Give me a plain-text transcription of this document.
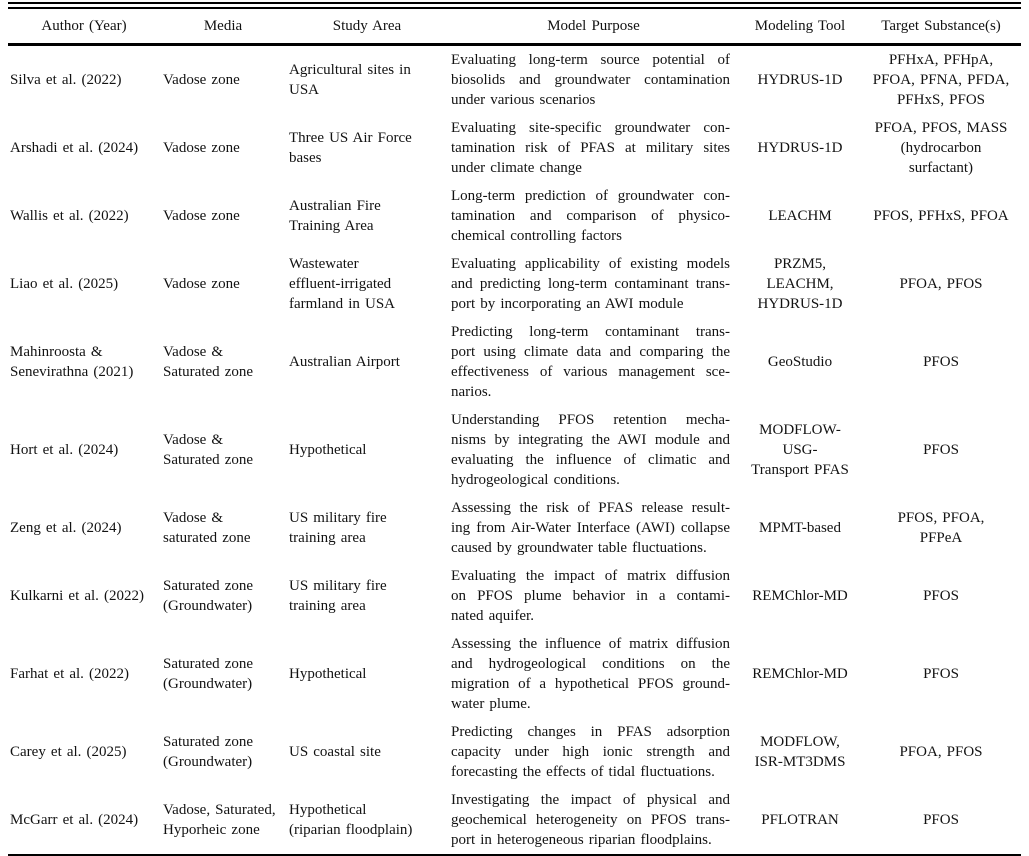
Author (Year)	Media	Study Area	Model Purpose	Modeling Tool	Target Substance(s)

Silva et al. (2022)	Vadose zone	Agricultural sites in
USA	Evaluating long-term source potential of
biosolids and groundwater contamination
under various scenarios	HYDRUS-1D	PFHxA, PFHpA,
PFOA, PFNA, PFDA,
PFHxS, PFOS

Arshadi et al. (2024)	Vadose zone	Three US Air Force
bases	Evaluating site-specific groundwater con-
tamination risk of PFAS at military sites
under climate change	HYDRUS-1D	PFOA, PFOS, MASS
(hydrocarbon
surfactant)

Wallis et al. (2022)	Vadose zone	Australian Fire
Training Area	Long-term prediction of groundwater con-
tamination and comparison of physico-
chemical controlling factors	LEACHM	PFOS, PFHxS, PFOA

Liao et al. (2025)	Vadose zone	Wastewater
effluent-irrigated
farmland in USA	Evaluating applicability of existing models
and predicting long-term contaminant trans-
port by incorporating an AWI module	PRZM5,
LEACHM,
HYDRUS-1D	PFOA, PFOS

Mahinroosta &
Senevirathna (2021)	Vadose &
Saturated zone	Australian Airport	Predicting long-term contaminant trans-
port using climate data and comparing the
effectiveness of various management sce-
narios.	GeoStudio	PFOS

Hort et al. (2024)	Vadose &
Saturated zone	Hypothetical	Understanding PFOS retention mecha-
nisms by integrating the AWI module and
evaluating the influence of climatic and
hydrogeological conditions.	MODFLOW-USG-
Transport PFAS	PFOS

Zeng et al. (2024)	Vadose &
saturated zone	US military fire
training area	Assessing the risk of PFAS release result-
ing from Air-Water Interface (AWI) collapse
caused by groundwater table fluctuations.	MPMT-based	PFOS, PFOA,
PFPeA

Kulkarni et al. (2022)	Saturated zone
(Groundwater)	US military fire
training area	Evaluating the impact of matrix diffusion
on PFOS plume behavior in a contami-
nated aquifer.	REMChlor-MD	PFOS

Farhat et al. (2022)	Saturated zone
(Groundwater)	Hypothetical	Assessing the influence of matrix diffusion
and hydrogeological conditions on the
migration of a hypothetical PFOS ground-
water plume.	REMChlor-MD	PFOS

Carey et al. (2025)	Saturated zone
(Groundwater)	US coastal site	Predicting changes in PFAS adsorption
capacity under high ionic strength and
forecasting the effects of tidal fluctuations.	MODFLOW,
ISR-MT3DMS	PFOA, PFOS

McGarr et al. (2024)	Vadose, Saturated,
Hyporheic zone	Hypothetical
(riparian floodplain)	Investigating the impact of physical and
geochemical heterogeneity on PFOS trans-
port in heterogeneous riparian floodplains.	PFLOTRAN	PFOS
